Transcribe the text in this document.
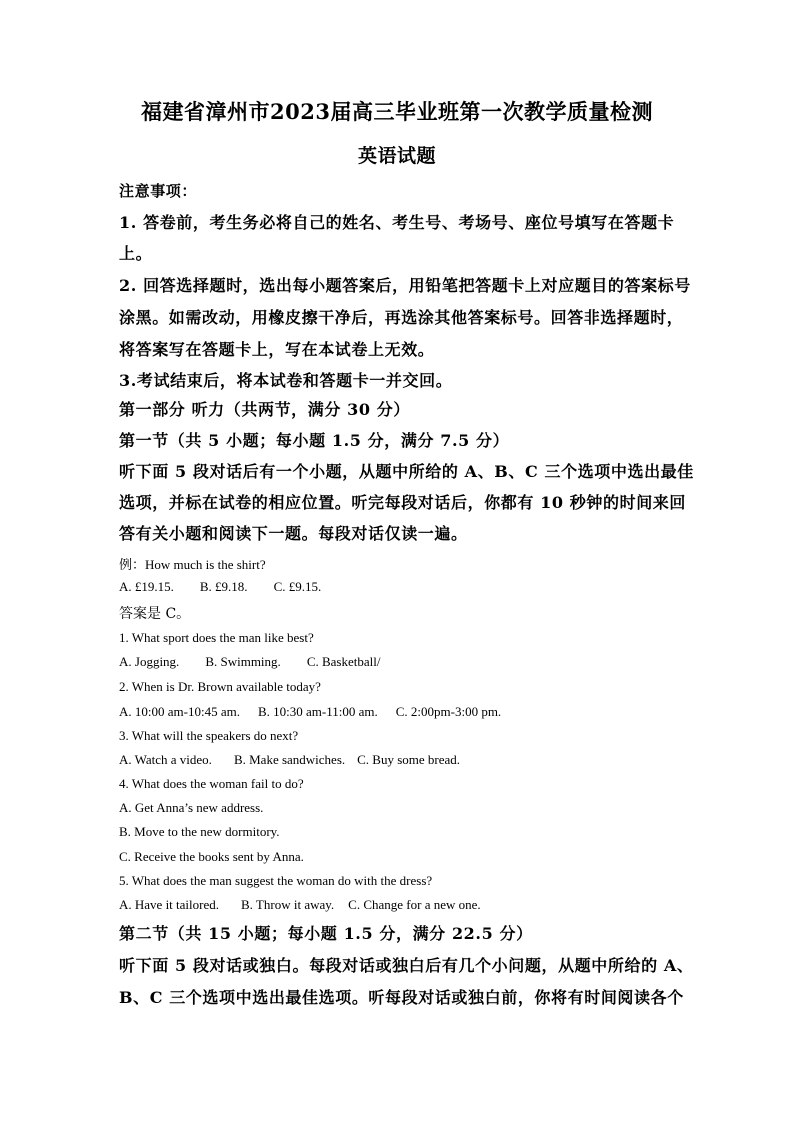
福建省漳州市2023届高三毕业班第一次教学质量检测
英语试题
注意事项：
1. 答卷前，考生务必将自己的姓名、考生号、考场号、座位号填写在答题卡
上。
2. 回答选择题时，选出每小题答案后，用铅笔把答题卡上对应题目的答案标号
涂黑。如需改动，用橡皮擦干净后，再选涂其他答案标号。回答非选择题时，
将答案写在答题卡上，写在本试卷上无效。
3.考试结束后，将本试卷和答题卡一并交回。
第一部分 听力（共两节，满分 30 分）
第一节（共 5 小题；每小题 1.5 分，满分 7.5 分）
听下面 5 段对话后有一个小题，从题中所给的 A、B、C 三个选项中选出最佳
选项，并标在试卷的相应位置。听完每段对话后，你都有 10 秒钟的时间来回
答有关小题和阅读下一题。每段对话仅读一遍。
例：How much is the shirt?
A. £19.15. B. £9.18. C. £9.15.
答案是 C。
1. What sport does the man like best?
A. Jogging. B. Swimming. C. Basketball/
2. When is Dr. Brown available today?
A. 10:00 am-10:45 am. B. 10:30 am-11:00 am. C. 2:00pm-3:00 pm.
3. What will the speakers do next?
A. Watch a video. B. Make sandwiches. C. Buy some bread.
4. What does the woman fail to do?
A. Get Anna’s new address.
B. Move to the new dormitory.
C. Receive the books sent by Anna.
5. What does the man suggest the woman do with the dress?
A. Have it tailored. B. Throw it away. C. Change for a new one.
第二节（共 15 小题；每小题 1.5 分，满分 22.5 分）
听下面 5 段对话或独白。每段对话或独白后有几个小问题，从题中所给的 A、
B、C 三个选项中选出最佳选项。听每段对话或独白前，你将有时间阅读各个
